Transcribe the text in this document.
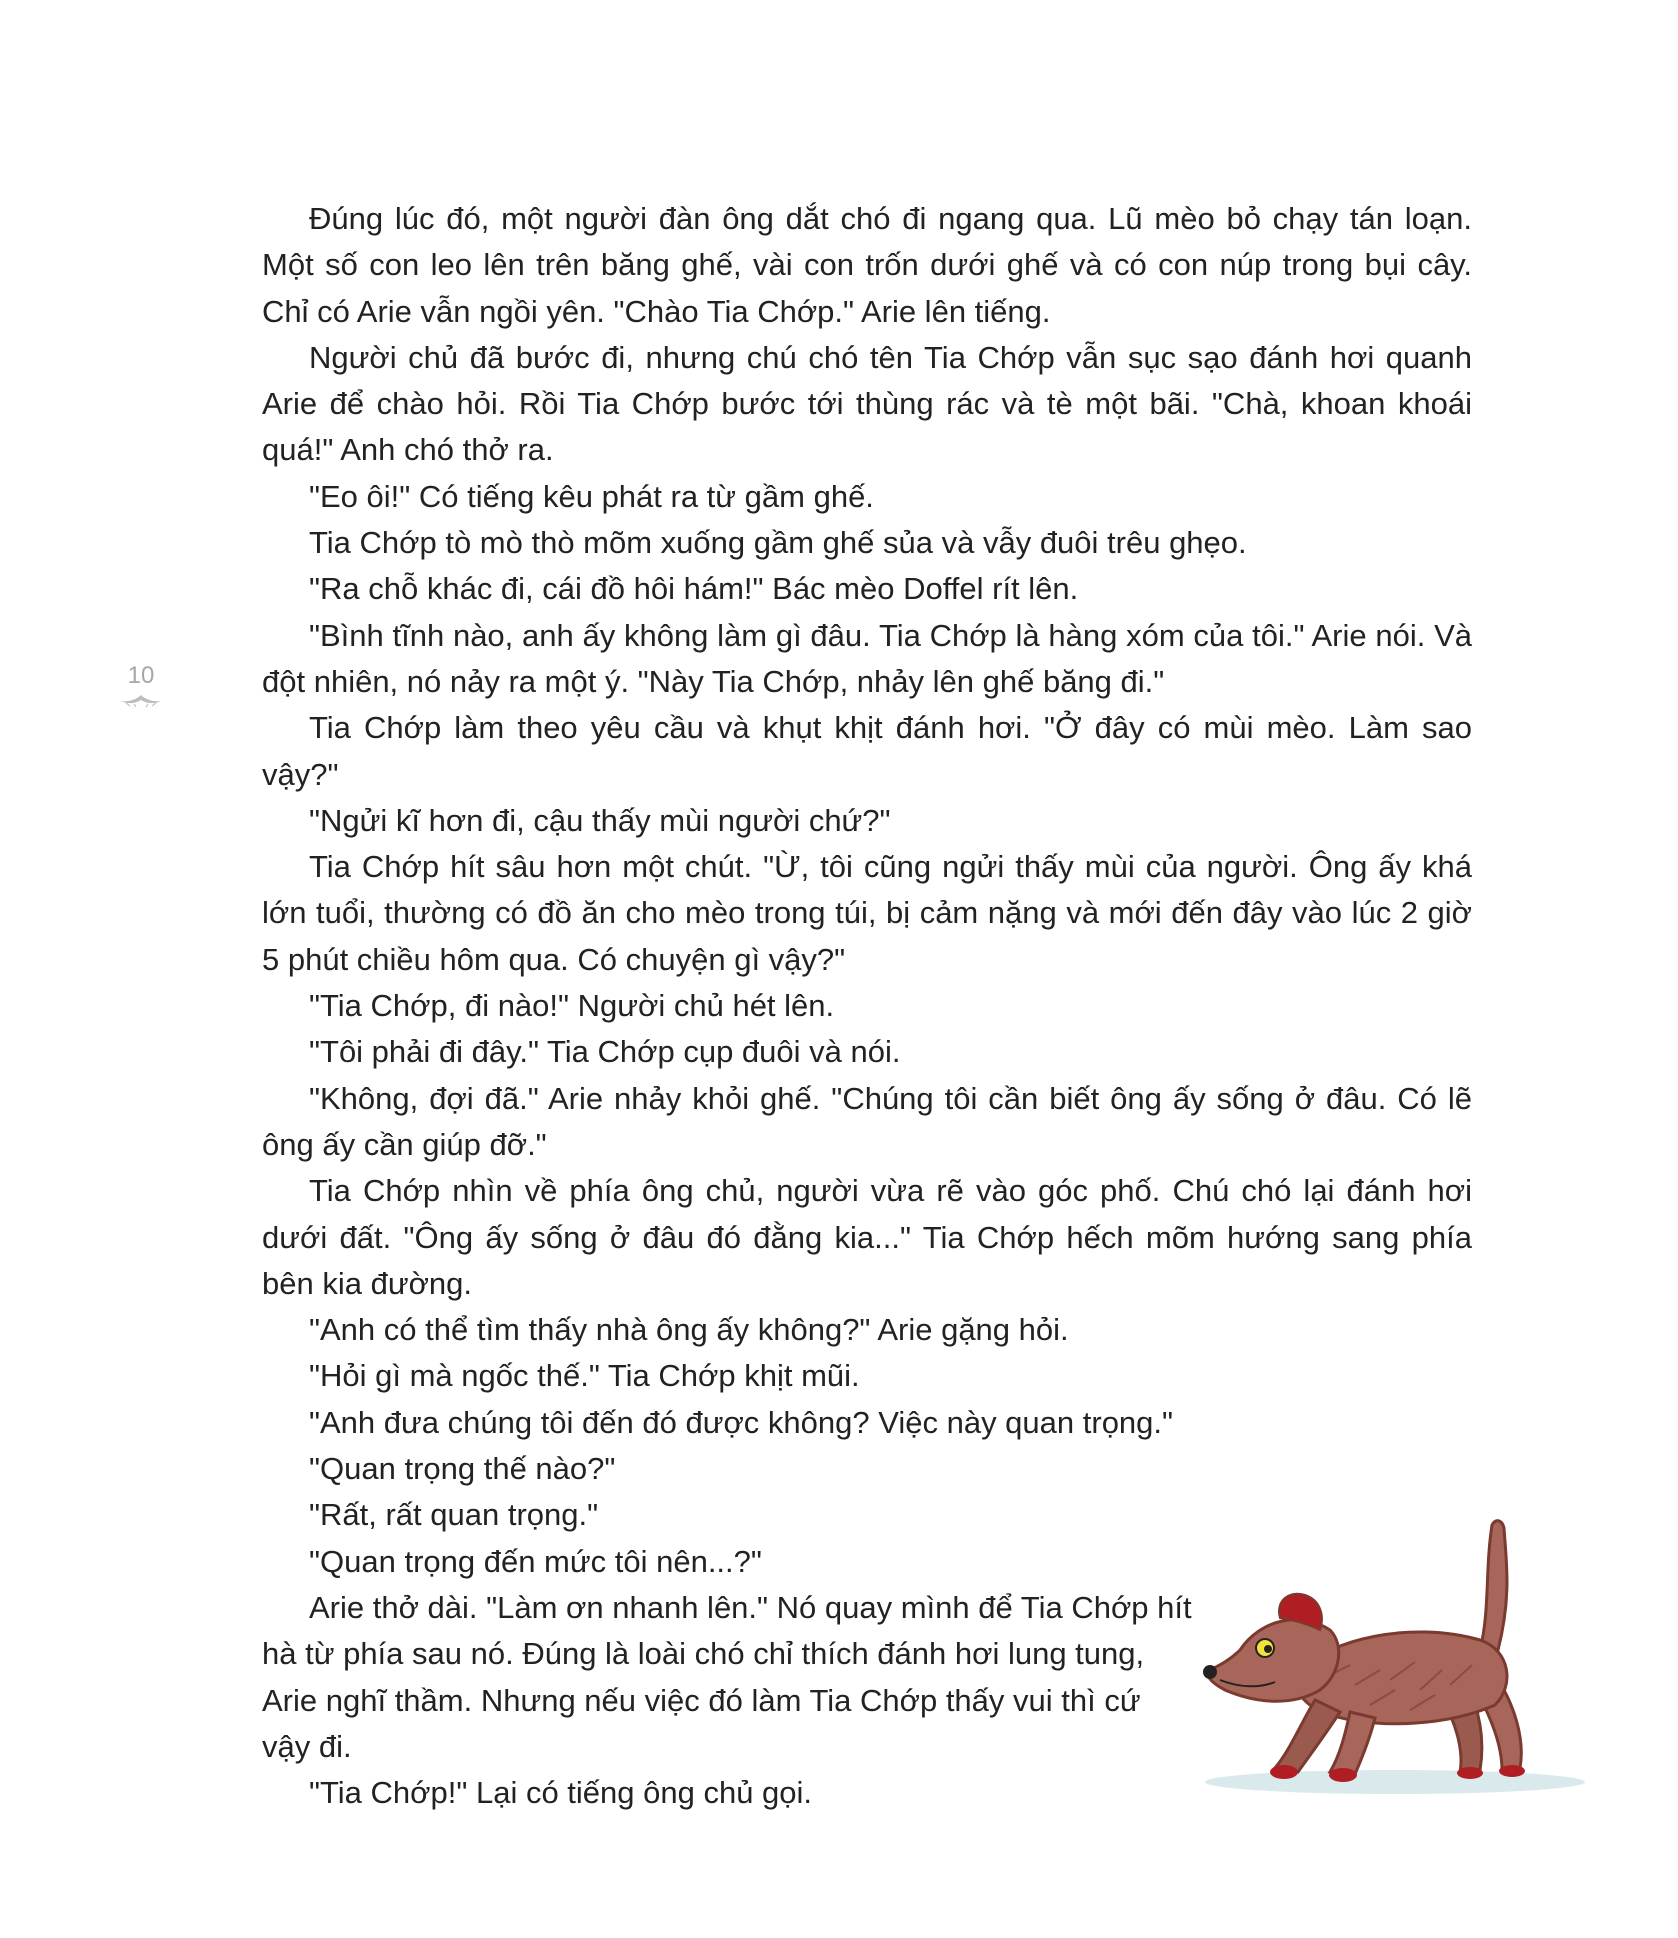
10

Đúng lúc đó, một người đàn ông dắt chó đi ngang qua. Lũ mèo bỏ chạy tán loạn. Một số con leo lên trên băng ghế, vài con trốn dưới ghế và có con núp trong bụi cây. Chỉ có Arie vẫn ngồi yên. "Chào Tia Chớp." Arie lên tiếng.

Người chủ đã bước đi, nhưng chú chó tên Tia Chớp vẫn sục sạo đánh hơi quanh Arie để chào hỏi. Rồi Tia Chớp bước tới thùng rác và tè một bãi. "Chà, khoan khoái quá!" Anh chó thở ra.

"Eo ôi!" Có tiếng kêu phát ra từ gầm ghế.

Tia Chớp tò mò thò mõm xuống gầm ghế sủa và vẫy đuôi trêu ghẹo.

"Ra chỗ khác đi, cái đồ hôi hám!" Bác mèo Doffel rít lên.

"Bình tĩnh nào, anh ấy không làm gì đâu. Tia Chớp là hàng xóm của tôi." Arie nói. Và đột nhiên, nó nảy ra một ý. "Này Tia Chớp, nhảy lên ghế băng đi."

Tia Chớp làm theo yêu cầu và khụt khịt đánh hơi. "Ở đây có mùi mèo. Làm sao vậy?"

"Ngửi kĩ hơn đi, cậu thấy mùi người chứ?"

Tia Chớp hít sâu hơn một chút. "Ừ, tôi cũng ngửi thấy mùi của người. Ông ấy khá lớn tuổi, thường có đồ ăn cho mèo trong túi, bị cảm nặng và mới đến đây vào lúc 2 giờ 5 phút chiều hôm qua. Có chuyện gì vậy?"

"Tia Chớp, đi nào!" Người chủ hét lên.

"Tôi phải đi đây." Tia Chớp cụp đuôi và nói.

"Không, đợi đã." Arie nhảy khỏi ghế. "Chúng tôi cần biết ông ấy sống ở đâu. Có lẽ ông ấy cần giúp đỡ."

Tia Chớp nhìn về phía ông chủ, người vừa rẽ vào góc phố. Chú chó lại đánh hơi dưới đất. "Ông ấy sống ở đâu đó đằng kia..." Tia Chớp hếch mõm hướng sang phía bên kia đường.

"Anh có thể tìm thấy nhà ông ấy không?" Arie gặng hỏi.

"Hỏi gì mà ngốc thế." Tia Chớp khịt mũi.

"Anh đưa chúng tôi đến đó được không? Việc này quan trọng."

"Quan trọng thế nào?"

"Rất, rất quan trọng."

"Quan trọng đến mức tôi nên...?"

Arie thở dài. "Làm ơn nhanh lên." Nó quay mình để Tia Chớp hít hà từ phía sau nó. Đúng là loài chó chỉ thích đánh hơi lung tung, Arie nghĩ thầm. Nhưng nếu việc đó làm Tia Chớp thấy vui thì cứ vậy đi.

"Tia Chớp!" Lại có tiếng ông chủ gọi.
